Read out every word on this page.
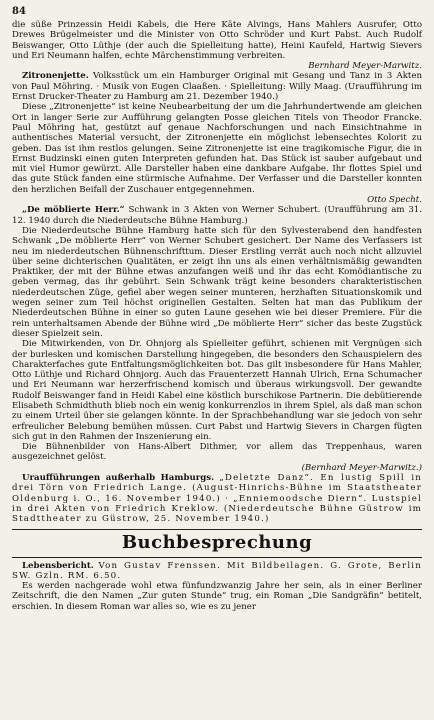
84

die süße Prinzessin Heidi Kabels, die Here Käte Alvings, Hans Mahlers Ausrufer, Otto Drewes Brügelmeister und die Minister von Otto Schröder und Kurt Pabst. Auch Rudolf Beiswanger, Otto Lüthje (der auch die Spielleitung hatte), Heini Kaufeld, Hartwig Sievers und Eri Neumann halfen, echte Märchenstimmung verbreiten.

Bernhard Meyer-Marwitz.

Zitronenjette. Volksstück um ein Hamburger Original mit Gesang und Tanz in 3 Akten von Paul Möhring. · Musik von Eugen Claaßen. · Spielleitung: Willy Maag. (Uraufführung im Ernst Drucker-Theater zu Hamburg am 21. Dezember 1940.)

Diese „Zitronenjette“ ist keine Neubearbeitung der um die Jahrhundertwende am gleichen Ort in langer Serie zur Aufführung gelangten Posse gleichen Titels von Theodor Francke. Paul Möhring hat, gestützt auf genaue Nachforschungen und nach Einsichtnahme in authentisches Material versucht, der Zitronenjette ein möglichst lebensechtes Kolorit zu geben. Das ist ihm restlos gelungen. Seine Zitronenjette ist eine tragikomische Figur, die in Ernst Budzinski einen guten Interpreten gefunden hat. Das Stück ist sauber aufgebaut und mit viel Humor gewürzt. Alle Darsteller haben eine dankbare Aufgabe. Ihr flottes Spiel und das gute Stück fanden eine stürmische Aufnahme. Der Verfasser und die Darsteller konnten den herzlichen Beifall der Zuschauer entgegennehmen.

Otto Specht.

„De möblierte Herr.“ Schwank in 3 Akten von Werner Schubert. (Uraufführung am 31. 12. 1940 durch die Niederdeutsche Bühne Hamburg.)

Die Niederdeutsche Bühne Hamburg hatte sich für den Sylvesterabend den handfesten Schwank „De möblierte Herr“ von Werner Schubert gesichert. Der Name des Verfassers ist neu im niederdeutschen Bühnenschrifttum. Dieser Erstling verrät auch noch nicht allzuviel über seine dichterischen Qualitäten, er zeigt ihn uns als einen verhältnismäßig gewandten Praktiker, der mit der Bühne etwas anzufangen weiß und ihr das echt Komödiantische zu geben vermag, das ihr gebührt. Sein Schwank trägt keine besonders charakteristischen niederdeutschen Züge, gefiel aber wegen seiner munteren, herzhaften Situationskomik und wegen seiner zum Teil höchst originellen Gestalten. Selten hat man das Publikum der Niederdeutschen Bühne in einer so guten Laune gesehen wie bei dieser Premiere. Für die rein unterhaltsamen Abende der Bühne wird „De möblierte Herr“ sicher das beste Zugstück dieser Spielzeit sein.

Die Mitwirkenden, von Dr. Ohnjorg als Spielleiter geführt, schienen mit Vergnügen sich der burlesken und komischen Darstellung hingegeben, die besonders den Schauspielern des Charakterfaches gute Entfaltungsmöglichkeiten bot. Das gilt insbesondere für Hans Mahler, Otto Lüthje und Richard Ohnjorg. Auch das Frauenterzett Hannah Ulrich, Erna Schumacher und Eri Neumann war herzerfrischend komisch und überaus wirkungsvoll. Der gewandte Rudolf Beiswanger fand in Heidi Kabel eine köstlich burschikose Partnerin. Die debütierende Elisabeth Schmidthuth blieb noch ein wenig konkurrenzlos in ihrem Spiel, als daß man schon zu einem Urteil über sie gelangen könnte. In der Sprachbehandlung war sie jedoch von sehr erfreulicher Belebung bemühen müssen. Curt Pabst und Hartwig Sievers in Chargen fügten sich gut in den Rahmen der Inszenierung ein.

Die Bühnenbilder von Hans-Albert Dithmer, vor allem das Treppenhaus, waren ausgezeichnet gelöst.

(Bernhard Meyer-Marwitz.)

Uraufführungen außerhalb Hamburgs. „Deletzte Danz“. En lustig Spill in drei Törn von Friedrich Lange. (August-Hinrichs-Bühne im Staatstheater Oldenburg i. O., 16. November 1940.) · „Enniemoodsche Diern“. Lustspiel in drei Akten von Friedrich Kreklow. (Niederdeutsche Bühne Güstrow im Stadttheater zu Güstrow, 25. November 1940.)

Buchbesprechung

Lebensbericht. Von Gustav Frenssen. Mit Bildbeilagen. G. Grote, Berlin SW. Gzln. RM. 6.50.

Es werden nachgerade wohl etwa fünfundzwanzig Jahre her sein, als in einer Berliner Zeitschrift, die den Namen „Zur guten Stunde“ trug, ein Roman „Die Sandgräfin“ betitelt, erschien. In diesem Roman war alles so, wie es zu jener
